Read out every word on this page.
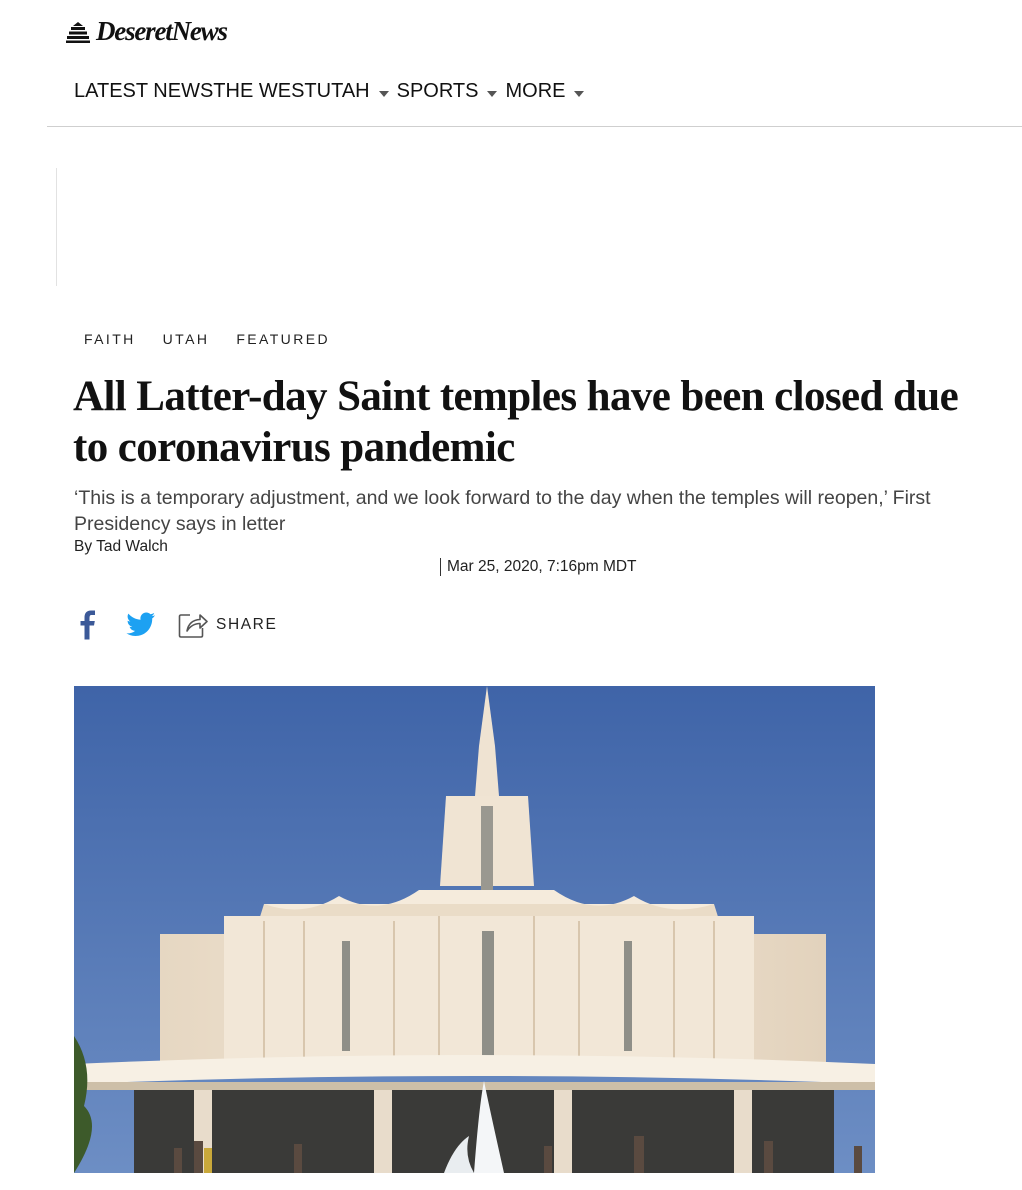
DeseretNews
LATEST NEWS THE WEST UTAH SPORTS MORE
FAITH UTAH FEATURED
All Latter-day Saint temples have been closed due to coronavirus pandemic

‘This is a temporary adjustment, and we look forward to the day when the temples will reopen,’ First Presidency says in letter

By Tad Walch
Mar 25, 2020, 7:16pm MDT
SHARE
